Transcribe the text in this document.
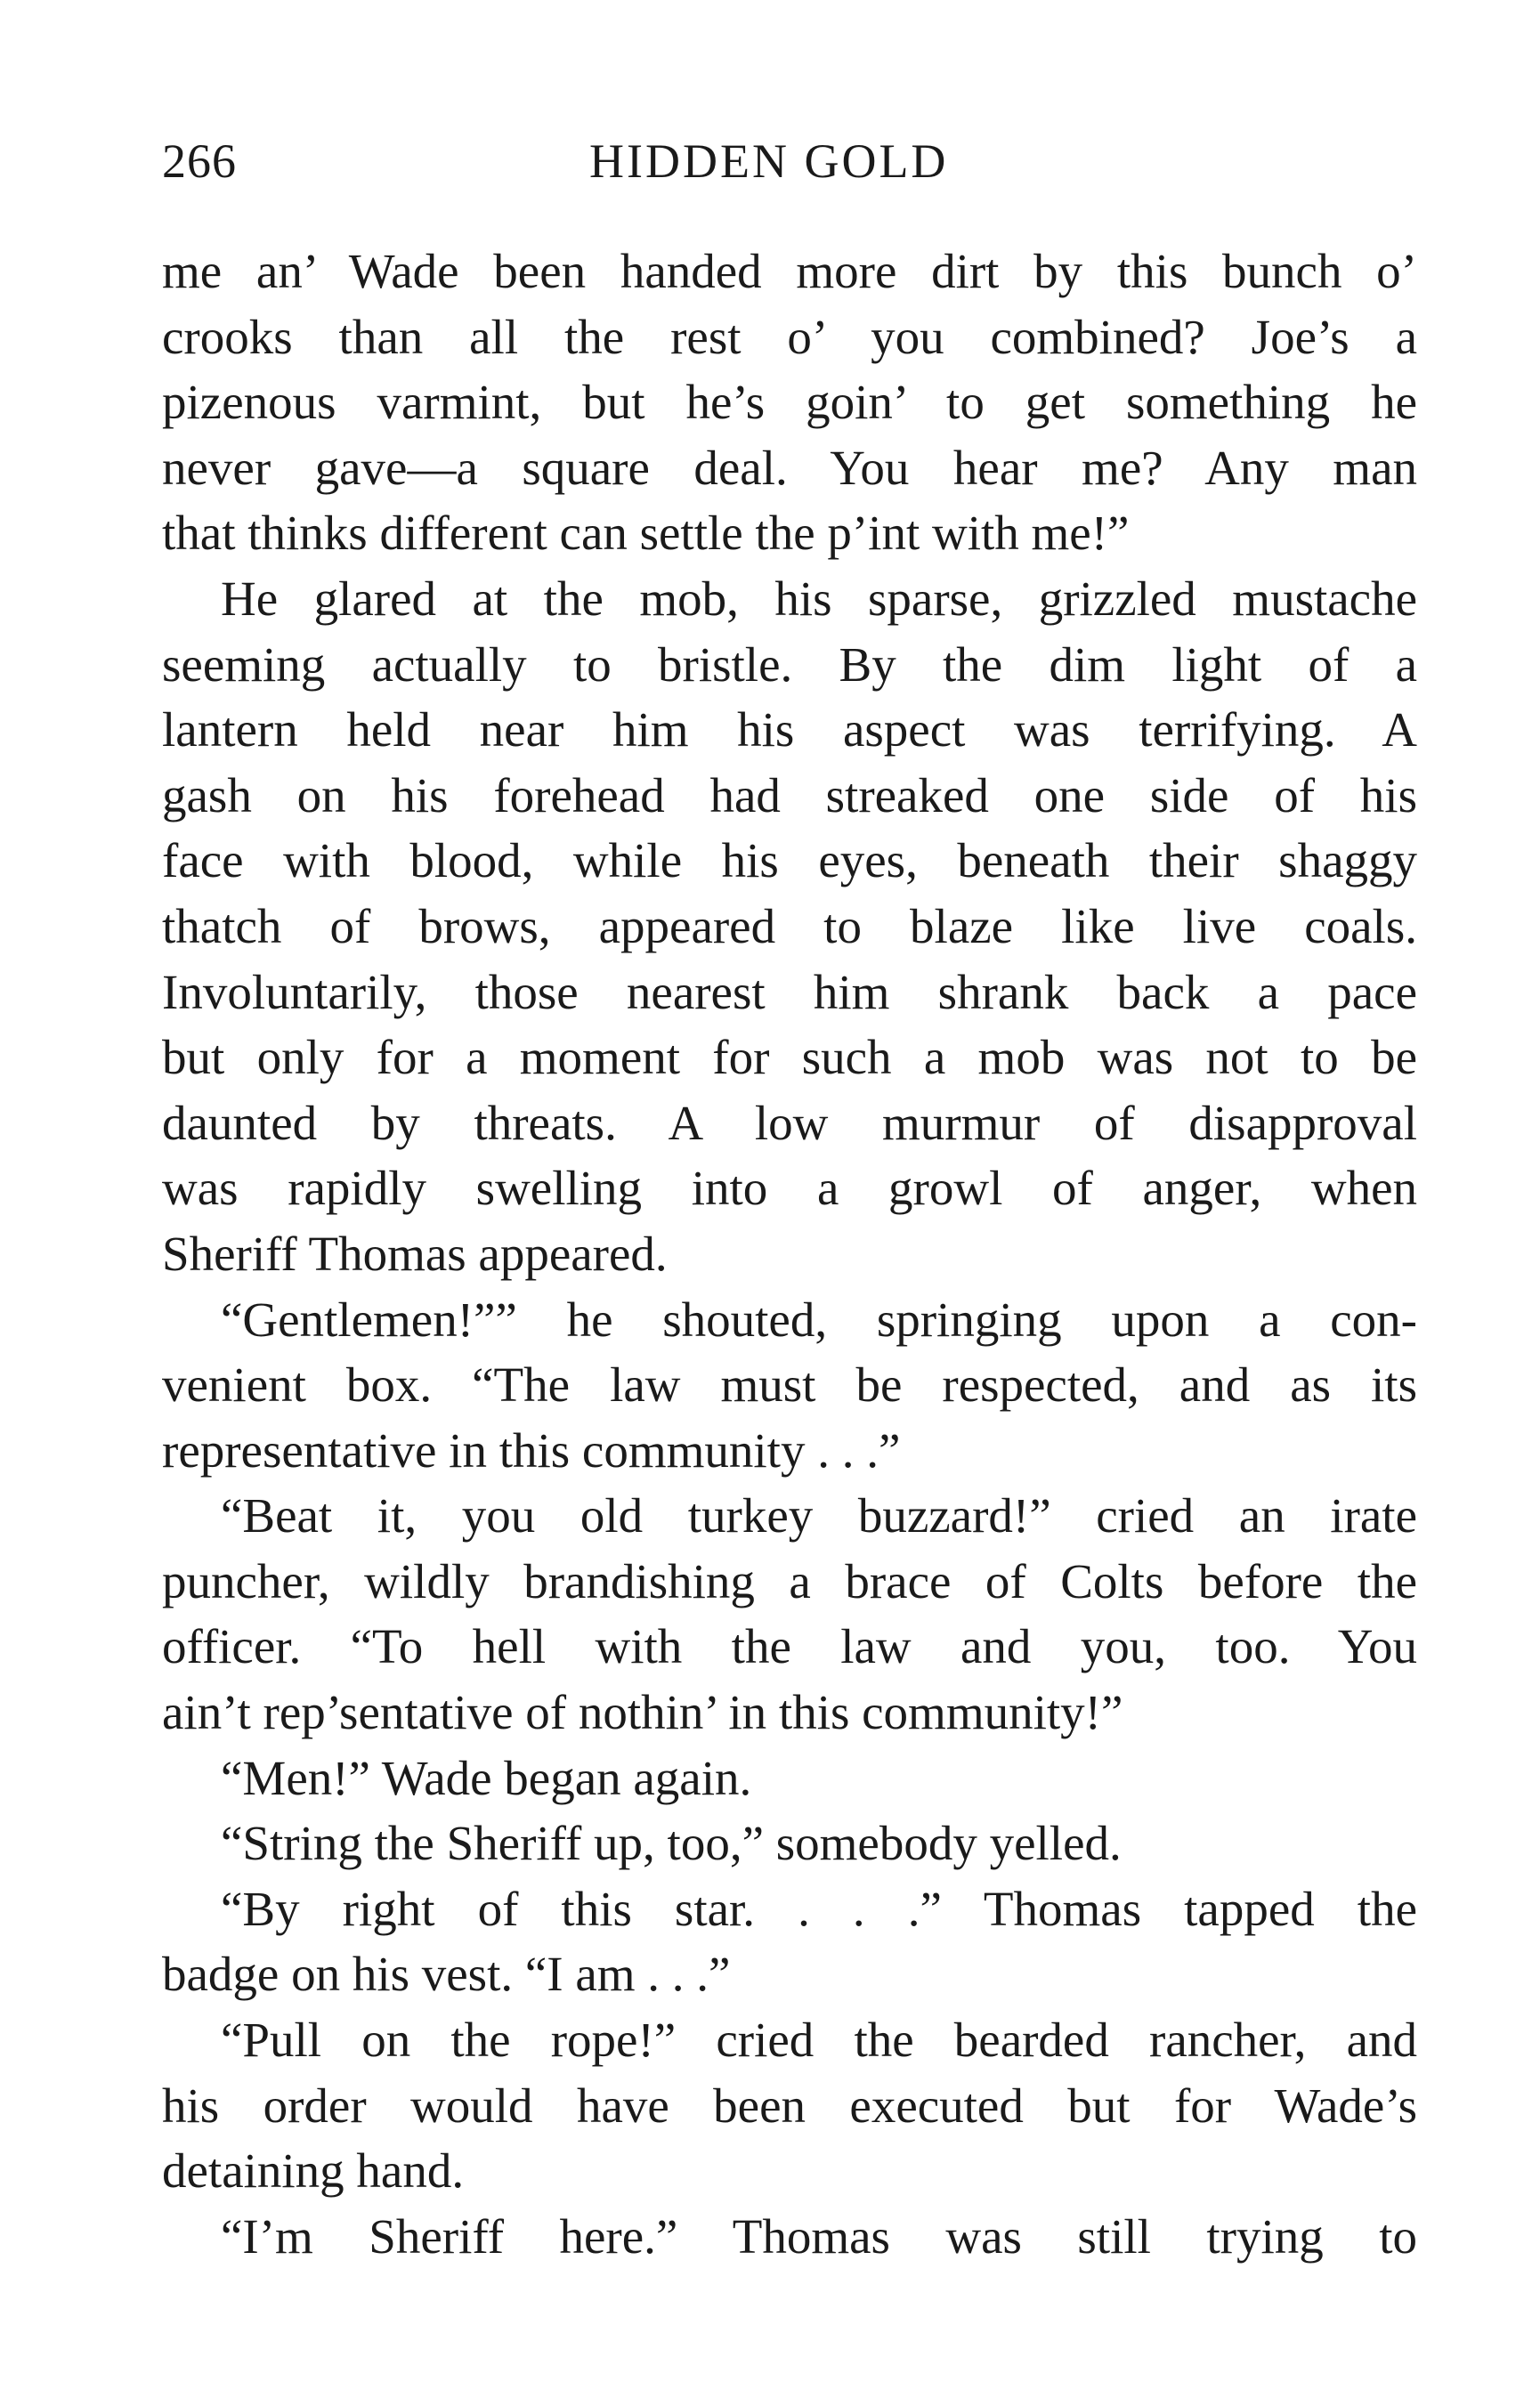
266	HIDDEN GOLD
me an’ Wade been handed more dirt by this bunch o’
crooks than all the rest o’ you combined? Joe’s a
pizenous varmint, but he’s goin’ to get something he
never gave—a square deal. You hear me? Any man
that thinks different can settle the p’int with me!”
He glared at the mob, his sparse, grizzled mustache
seeming actually to bristle. By the dim light of a
lantern held near him his aspect was terrifying. A
gash on his forehead had streaked one side of his
face with blood, while his eyes, beneath their shaggy
thatch of brows, appeared to blaze like live coals.
Involuntarily, those nearest him shrank back a pace
but only for a moment for such a mob was not to be
daunted by threats. A low murmur of disapproval
was rapidly swelling into a growl of anger, when
Sheriff Thomas appeared.
“Gentlemen!”” he shouted, springing upon a con-
venient box. “The law must be respected, and as its
representative in this community . . .”
“Beat it, you old turkey buzzard!” cried an irate
puncher, wildly brandishing a brace of Colts before the
officer. “To hell with the law and you, too. You
ain’t rep’sentative of nothin’ in this community!”
“Men!” Wade began again.
“String the Sheriff up, too,” somebody yelled.
“By right of this star. . . .” Thomas tapped the
badge on his vest. “I am . . .”
“Pull on the rope!” cried the bearded rancher, and
his order would have been executed but for Wade’s
detaining hand.
“I’m Sheriff here.” Thomas was still trying to
